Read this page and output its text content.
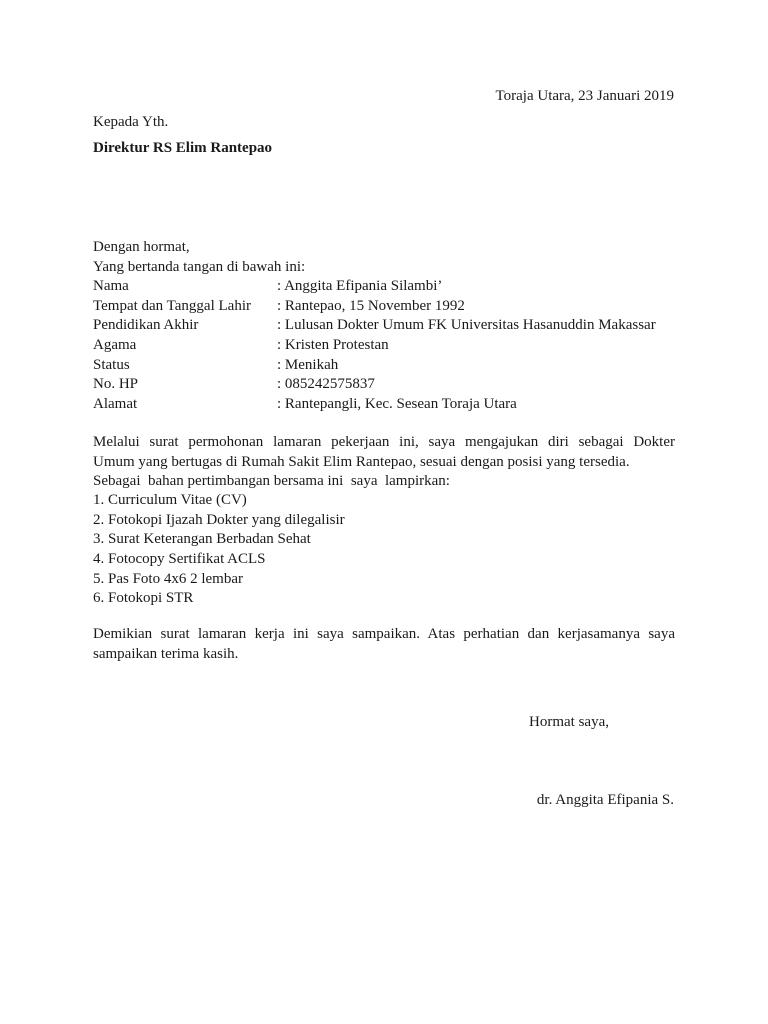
Toraja Utara, 23 Januari 2019
Kepada Yth.
Direktur RS Elim Rantepao
Dengan hormat,
Yang bertanda tangan di bawah ini:
Nama	: Anggita Efipania Silambi’
Tempat dan Tanggal Lahir	: Rantepao, 15 November 1992
Pendidikan Akhir	: Lulusan Dokter Umum FK Universitas Hasanuddin Makassar
Agama	: Kristen Protestan
Status	: Menikah
No. HP	: 085242575837
Alamat	: Rantepangli, Kec. Sesean Toraja Utara
Melalui surat permohonan lamaran pekerjaan ini, saya mengajukan diri sebagai Dokter
Umum yang bertugas di Rumah Sakit Elim Rantepao, sesuai dengan posisi yang tersedia.
Sebagai  bahan pertimbangan bersama ini  saya  lampirkan:
1. Curriculum Vitae (CV)
2. Fotokopi Ijazah Dokter yang dilegalisir
3. Surat Keterangan Berbadan Sehat
4. Fotocopy Sertifikat ACLS
5. Pas Foto 4x6 2 lembar
6. Fotokopi STR
Demikian surat lamaran kerja ini saya sampaikan. Atas perhatian dan kerjasamanya saya
sampaikan terima kasih.
Hormat saya,
dr. Anggita Efipania S.
